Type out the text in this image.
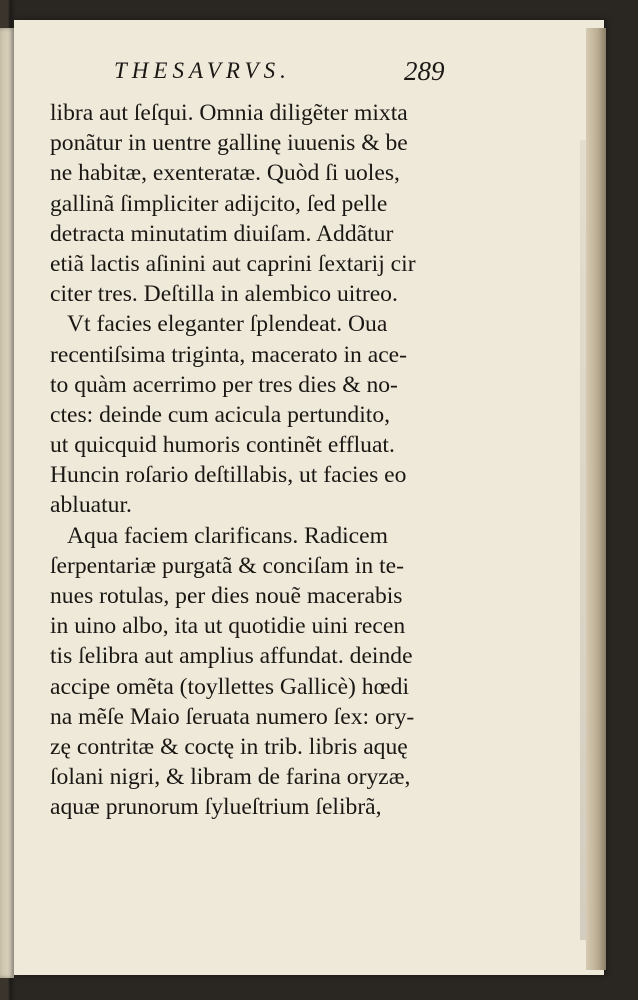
THESAVRVS.	289
libra aut ſeſqui. Omnia diligẽter mixta
ponãtur in uentre gallinę iuuenis & be
ne habitæ, exenteratæ. Quòd ſi uoles,
gallinã ſimpliciter adijcito, ſed pelle
detracta minutatim diuiſam. Addãtur
etiã lactis aſinini aut caprini ſextarij cir
citer tres. Deſtilla in alembico uitreo.
Vt facies eleganter ſplendeat. Oua
recentiſsima triginta, macerato in ace-
to quàm acerrimo per tres dies & no-
ctes: deinde cum acicula pertundito,
ut quicquid humoris continẽt effluat.
Huncin roſario deſtillabis, ut facies eo
abluatur.
Aqua faciem clarificans. Radicem
ſerpentariæ purgatã & conciſam in te-
nues rotulas, per dies nouẽ macerabis
in uino albo, ita ut quotidie uini recen
tis ſelibra aut amplius affundat. deinde
accipe omẽta (toyllettes Gallicè) hœdi
na mẽſe Maio ſeruata numero ſex: ory-
zę contritæ & coctę in trib. libris aquę
ſolani nigri, & libram de farina oryzæ,
aquæ prunorum ſylueſtrium ſelibrã,
